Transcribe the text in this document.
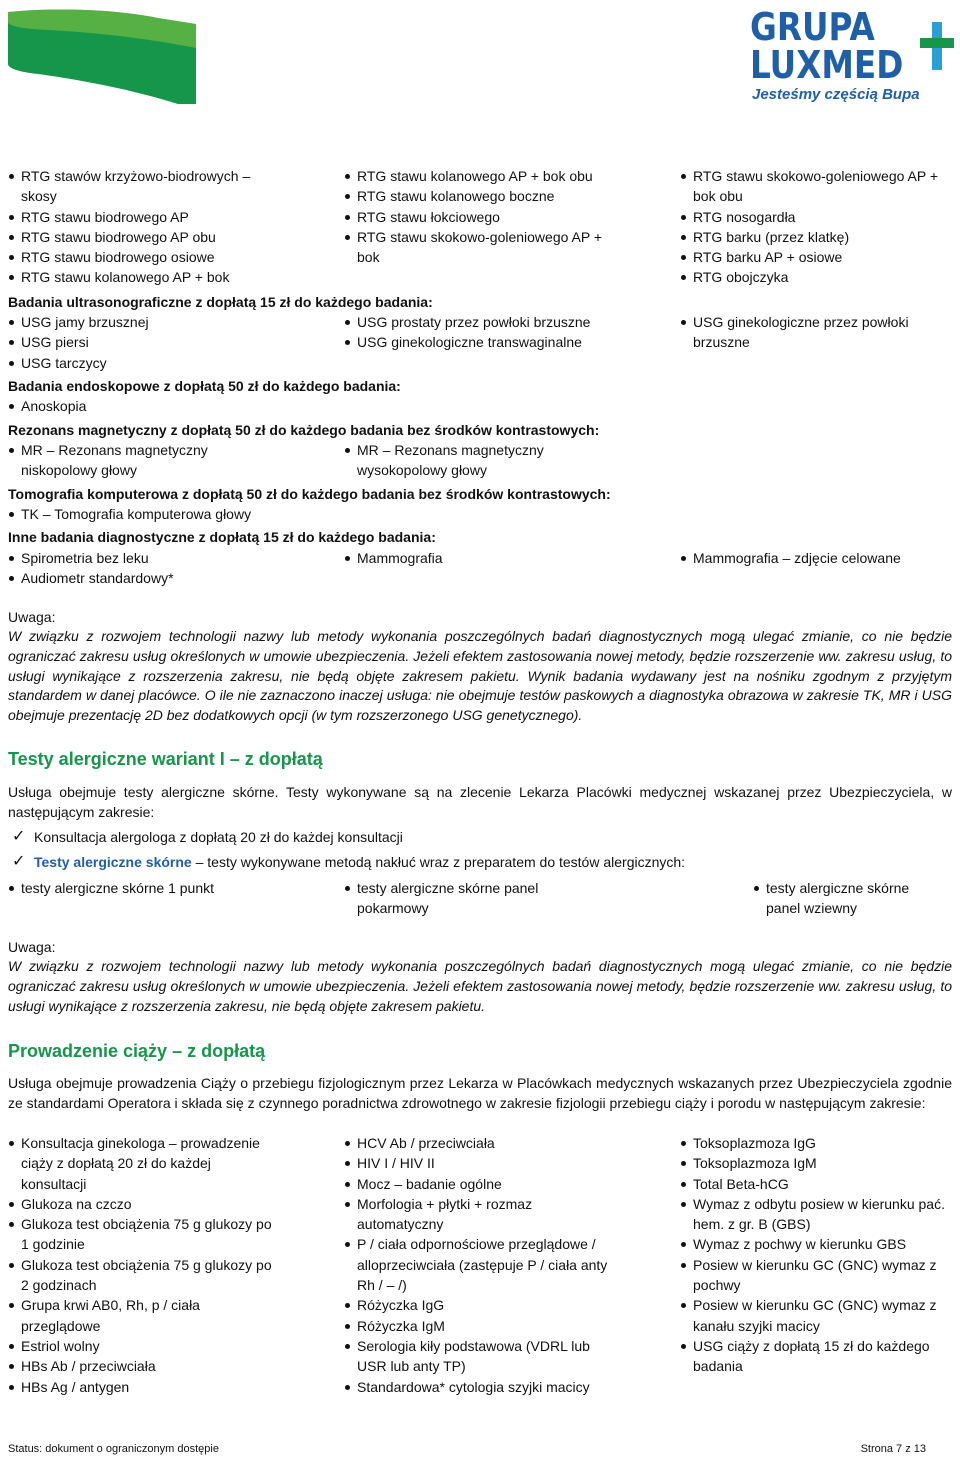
GRUPA
LUXMED
Jesteśmy częścią Bupa
RTG stawów krzyżowo-biodrowych – skosy
RTG stawu biodrowego AP
RTG stawu biodrowego AP obu
RTG stawu biodrowego osiowe
RTG stawu kolanowego AP + bok
RTG stawu kolanowego AP + bok obu
RTG stawu kolanowego boczne
RTG stawu łokciowego
RTG stawu skokowo-goleniowego AP + bok
RTG stawu skokowo-goleniowego AP + bok obu
RTG nosogardła
RTG barku (przez klatkę)
RTG barku AP + osiowe
RTG obojczyka
Badania ultrasonograficzne z dopłatą 15 zł do każdego badania:
USG jamy brzusznej
USG piersi
USG tarczycy
USG prostaty przez powłoki brzuszne
USG ginekologiczne transwaginalne
USG ginekologiczne przez powłoki brzuszne
Badania endoskopowe z dopłatą 50 zł do każdego badania:
Anoskopia
Rezonans magnetyczny z dopłatą 50 zł do każdego badania bez środków kontrastowych:
MR – Rezonans magnetyczny niskopolowy głowy
MR – Rezonans magnetyczny wysokopolowy głowy
Tomografia komputerowa z dopłatą 50 zł do każdego badania bez środków kontrastowych:
TK – Tomografia komputerowa głowy
Inne badania diagnostyczne z dopłatą 15 zł do każdego badania:
Spirometria bez leku
Audiometr standardowy*
Mammografia	Mammografia – zdjęcie celowane
Uwaga:
W związku z rozwojem technologii nazwy lub metody wykonania poszczególnych badań diagnostycznych mogą ulegać zmianie, co nie będzie ograniczać zakresu usług określonych w umowie ubezpieczenia. Jeżeli efektem zastosowania nowej metody, będzie rozszerzenie ww. zakresu usług, to usługi wynikające z rozszerzenia zakresu, nie będą objęte zakresem pakietu. Wynik badania wydawany jest na nośniku zgodnym z przyjętym standardem w danej placówce. O ile nie zaznaczono inaczej usługa: nie obejmuje testów paskowych a diagnostyka obrazowa w zakresie TK, MR i USG obejmuje prezentację 2D bez dodatkowych opcji (w tym rozszerzonego USG genetycznego).
Testy alergiczne wariant I – z dopłatą
Usługa obejmuje testy alergiczne skórne. Testy wykonywane są na zlecenie Lekarza Placówki medycznej wskazanej przez Ubezpieczyciela, w następującym zakresie:
✓ Konsultacja alergologa z dopłatą 20 zł do każdej konsultacji
✓ Testy alergiczne skórne – testy wykonywane metodą nakłuć wraz z preparatem do testów alergicznych:
testy alergiczne skórne 1 punkt	testy alergiczne skórne panel pokarmowy
testy alergiczne skórne panel wziewny
Uwaga:
W związku z rozwojem technologii nazwy lub metody wykonania poszczególnych badań diagnostycznych mogą ulegać zmianie, co nie będzie ograniczać zakresu usług określonych w umowie ubezpieczenia. Jeżeli efektem zastosowania nowej metody, będzie rozszerzenie ww. zakresu usług, to usługi wynikające z rozszerzenia zakresu, nie będą objęte zakresem pakietu.
Prowadzenie ciąży – z dopłatą
Usługa obejmuje prowadzenia Ciąży o przebiegu fizjologicznym przez Lekarza w Placówkach medycznych wskazanych przez Ubezpieczyciela zgodnie ze standardami Operatora i składa się z czynnego poradnictwa zdrowotnego w zakresie fizjologii przebiegu ciąży i porodu w następującym zakresie:
Konsultacja ginekologa – prowadzenie ciąży z dopłatą 20 zł do każdej konsultacji
Glukoza na czczo
Glukoza test obciążenia 75 g glukozy po 1 godzinie
Glukoza test obciążenia 75 g glukozy po 2 godzinach
Grupa krwi AB0, Rh, p / ciała przeglądowe
Estriol wolny
HBs Ab / przeciwciała
HBs Ag / antygen
HCV Ab / przeciwciała
HIV I / HIV II
Mocz – badanie ogólne
Morfologia + płytki + rozmaz automatyczny
P / ciała odpornościowe przeglądowe / alloprzeciwciała (zastępuje P / ciała anty Rh / – /)
Różyczka IgG
Różyczka IgM
Serologia kiły podstawowa (VDRL lub USR lub anty TP)
Standardowa* cytologia szyjki macicy
Toksoplazmoza IgG
Toksoplazmoza IgM
Total Beta-hCG
Wymaz z odbytu posiew w kierunku pać. hem. z gr. B (GBS)
Wymaz z pochwy w kierunku GBS
Posiew w kierunku GC (GNC) wymaz z pochwy
Posiew w kierunku GC (GNC) wymaz z kanału szyjki macicy
USG ciąży z dopłatą 15 zł do każdego badania
Status: dokument o ograniczonym dostępie	Strona 7 z 13
